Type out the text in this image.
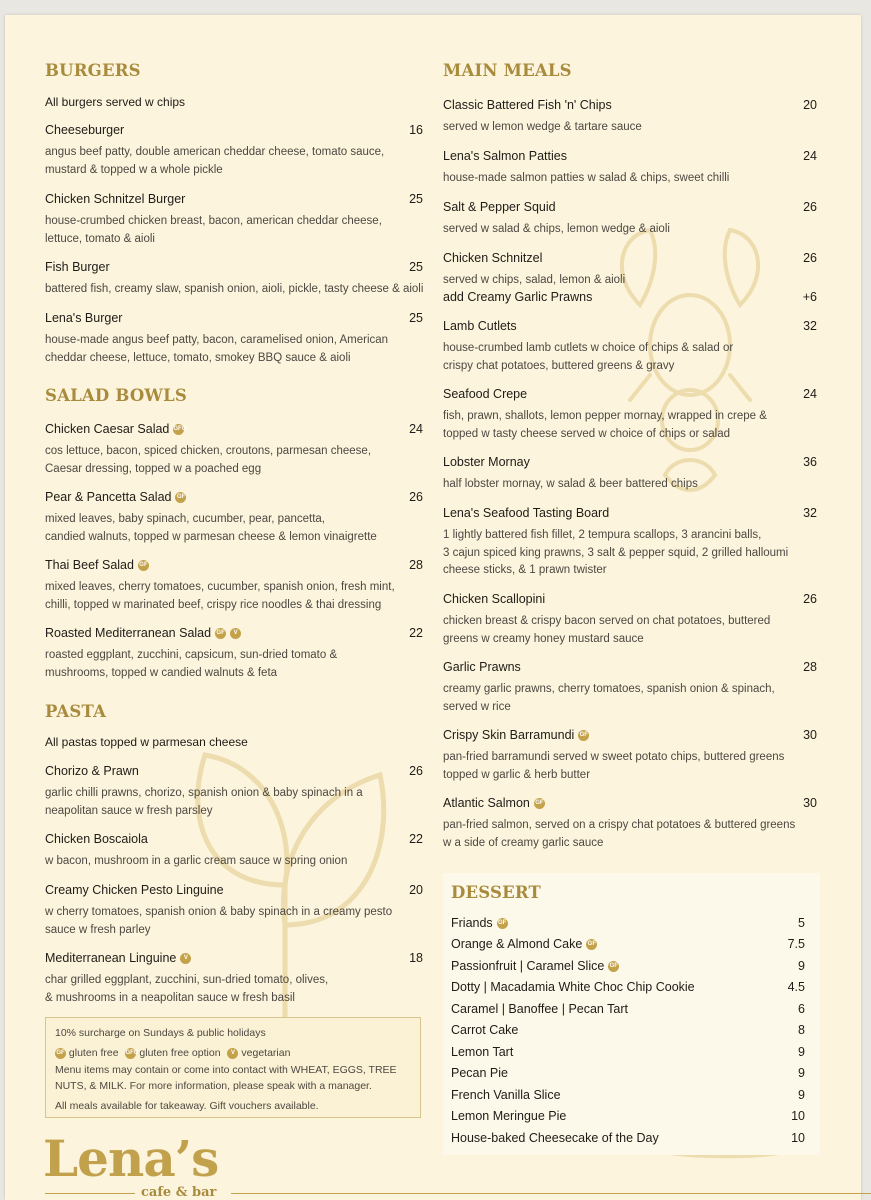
BURGERS
All burgers served w chips
Cheeseburger	16
angus beef patty, double american cheddar cheese, tomato sauce,
mustard & topped w a whole pickle
Chicken Schnitzel Burger	25
house-crumbed chicken breast, bacon, american cheddar cheese,
lettuce, tomato & aioli
Fish Burger	25
battered fish, creamy slaw, spanish onion, aioli, pickle, tasty cheese & aioli
Lena's Burger	25
house-made angus beef patty, bacon, caramelised onion, American
cheddar cheese, lettuce, tomato, smokey BBQ sauce & aioli
SALAD BOWLS
Chicken Caesar Salad GFO	24
cos lettuce, bacon, spiced chicken, croutons, parmesan cheese,
Caesar dressing, topped w a poached egg
Pear & Pancetta Salad GF	26
mixed leaves, baby spinach, cucumber, pear, pancetta,
candied walnuts, topped w parmesan cheese & lemon vinaigrette
Thai Beef Salad GF	28
mixed leaves, cherry tomatoes, cucumber, spanish onion, fresh mint,
chilli, topped w marinated beef, crispy rice noodles & thai dressing
Roasted Mediterranean Salad GF V	22
roasted eggplant, zucchini, capsicum, sun-dried tomato &
mushrooms, topped w candied walnuts & feta
PASTA
All pastas topped w parmesan cheese
Chorizo & Prawn	26
garlic chilli prawns, chorizo, spanish onion & baby spinach in a
neapolitan sauce w fresh parsley
Chicken Boscaiola	22
w bacon, mushroom in a garlic cream sauce w spring onion
Creamy Chicken Pesto Linguine	20
w cherry tomatoes, spanish onion & baby spinach in a creamy pesto
sauce w fresh parley
Mediterranean Linguine V	18
char grilled eggplant, zucchini, sun-dried tomato, olives,
& mushrooms in a neapolitan sauce w fresh basil
10% surcharge on Sundays & public holidays
GF gluten free GFO gluten free option V vegetarian
Menu items may contain or come into contact with WHEAT, EGGS, TREE
NUTS, & MILK. For more information, please speak with a manager.
All meals available for takeaway. Gift vouchers available.
Lena’s
cafe & bar
MAIN MEALS
Classic Battered Fish 'n' Chips	20
served w lemon wedge & tartare sauce
Lena's Salmon Patties	24
house-made salmon patties w salad & chips, sweet chilli
Salt & Pepper Squid	26
served w salad & chips, lemon wedge & aioli
Chicken Schnitzel	26
served w chips, salad, lemon & aioli
add Creamy Garlic Prawns	+6
Lamb Cutlets	32
house-crumbed lamb cutlets w choice of chips & salad or
crispy chat potatoes, buttered greens & gravy
Seafood Crepe	24
fish, prawn, shallots, lemon pepper mornay, wrapped in crepe &
topped w tasty cheese served w choice of chips or salad
Lobster Mornay	36
half lobster mornay, w salad & beer battered chips
Lena's Seafood Tasting Board	32
1 lightly battered fish fillet, 2 tempura scallops, 3 arancini balls,
3 cajun spiced king prawns, 3 salt & pepper squid, 2 grilled halloumi
cheese sticks, & 1 prawn twister
Chicken Scallopini	26
chicken breast & crispy bacon served on chat potatoes, buttered
greens w creamy honey mustard sauce
Garlic Prawns	28
creamy garlic prawns, cherry tomatoes, spanish onion & spinach,
served w rice
Crispy Skin Barramundi GF	30
pan-fried barramundi served w sweet potato chips, buttered greens
topped w garlic & herb butter
Atlantic Salmon GF	30
pan-fried salmon, served on a crispy chat potatoes & buttered greens
w a side of creamy garlic sauce
DESSERT
Friands GF	5
Orange & Almond Cake GF	7.5
Passionfruit | Caramel Slice GF	9
Dotty | Macadamia White Choc Chip Cookie	4.5
Caramel | Banoffee | Pecan Tart	6
Carrot Cake	8
Lemon Tart	9
Pecan Pie	9
French Vanilla Slice	9
Lemon Meringue Pie	10
House-baked Cheesecake of the Day	10
